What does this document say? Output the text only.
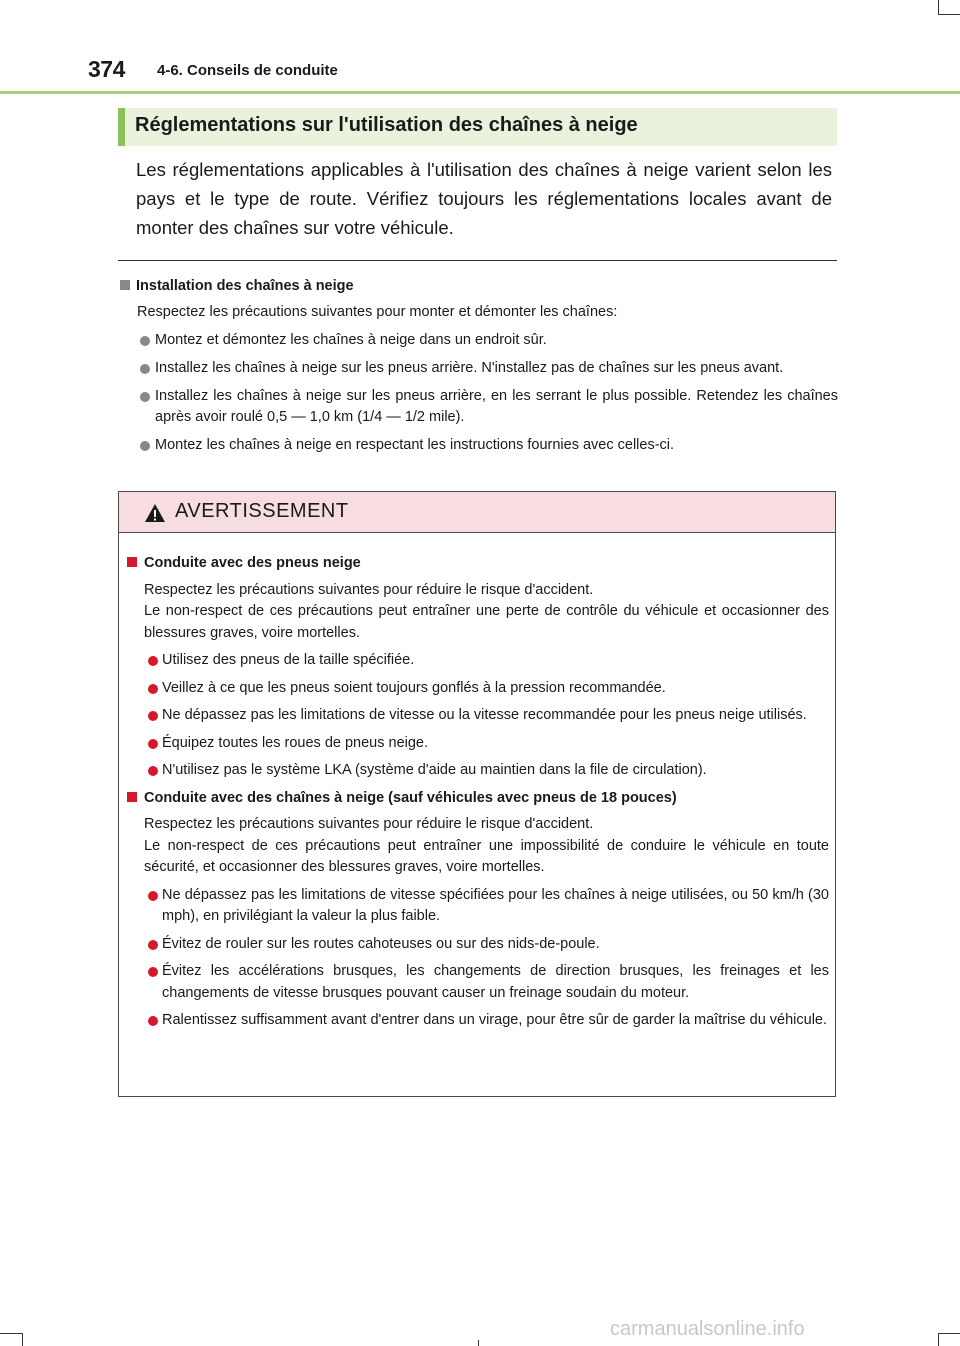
374 4-6. Conseils de conduite
Réglementations sur l'utilisation des chaînes à neige
Les réglementations applicables à l'utilisation des chaînes à neige varient selon les pays et le type de route. Vérifiez toujours les réglementations locales avant de monter des chaînes sur votre véhicule.
Installation des chaînes à neige
Respectez les précautions suivantes pour monter et démonter les chaînes:
Montez et démontez les chaînes à neige dans un endroit sûr.
Installez les chaînes à neige sur les pneus arrière. N'installez pas de chaînes sur les pneus avant.
Installez les chaînes à neige sur les pneus arrière, en les serrant le plus possible. Retendez les chaînes après avoir roulé 0,5 — 1,0 km (1/4 — 1/2 mile).
Montez les chaînes à neige en respectant les instructions fournies avec celles-ci.
AVERTISSEMENT
Conduite avec des pneus neige
Respectez les précautions suivantes pour réduire le risque d'accident.
Le non-respect de ces précautions peut entraîner une perte de contrôle du véhicule et occasionner des blessures graves, voire mortelles.
Utilisez des pneus de la taille spécifiée.
Veillez à ce que les pneus soient toujours gonflés à la pression recommandée.
Ne dépassez pas les limitations de vitesse ou la vitesse recommandée pour les pneus neige utilisés.
Équipez toutes les roues de pneus neige.
N'utilisez pas le système LKA (système d'aide au maintien dans la file de circulation).
Conduite avec des chaînes à neige (sauf véhicules avec pneus de 18 pouces)
Respectez les précautions suivantes pour réduire le risque d'accident.
Le non-respect de ces précautions peut entraîner une impossibilité de conduire le véhicule en toute sécurité, et occasionner des blessures graves, voire mortelles.
Ne dépassez pas les limitations de vitesse spécifiées pour les chaînes à neige utilisées, ou 50 km/h (30 mph), en privilégiant la valeur la plus faible.
Évitez de rouler sur les routes cahoteuses ou sur des nids-de-poule.
Évitez les accélérations brusques, les changements de direction brusques, les freinages et les changements de vitesse brusques pouvant causer un freinage soudain du moteur.
Ralentissez suffisamment avant d'entrer dans un virage, pour être sûr de garder la maîtrise du véhicule.
carmanualsonline.info
